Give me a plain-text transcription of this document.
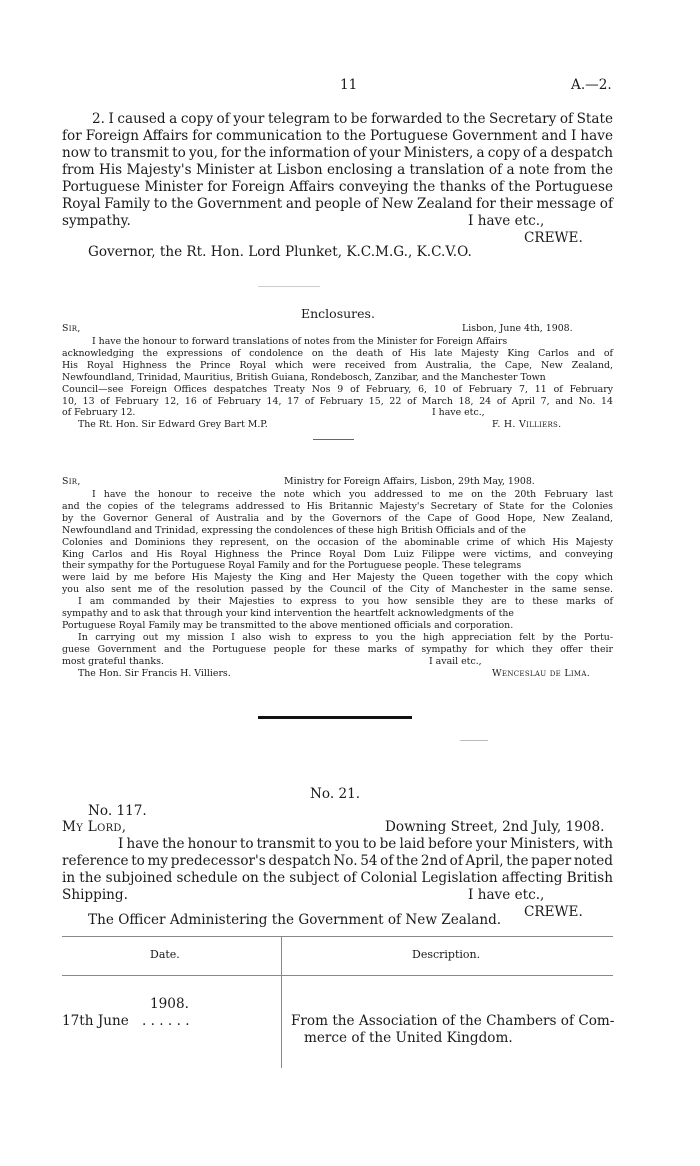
11	A.—2.
2. I caused a copy of your telegram to be forwarded to the Secretary of State
for Foreign Affairs for communication to the Portuguese Government and I have
now to transmit to you, for the information of your Ministers, a copy of a despatch
from His Majesty's Minister at Lisbon enclosing a translation of a note from the
Portuguese Minister for Foreign Affairs conveying the thanks of the Portuguese
Royal Family to the Government and people of New Zealand for their message of
sympathy.	I have etc.,
CREWE.
Governor, the Rt. Hon. Lord Plunket, K.C.M.G., K.C.V.O.
Enclosures.
Sir,	Lisbon, June 4th, 1908.
I have the honour to forward translations of notes from the Minister for Foreign Affairs
acknowledging the expressions of condolence on the death of His late Majesty King Carlos and of
His Royal Highness the Prince Royal which were received from Australia, the Cape, New Zealand,
Newfoundland, Trinidad, Mauritius, British Guiana, Rondebosch, Zanzibar, and the Manchester Town
Council—see Foreign Offices despatches Treaty Nos 9 of February, 6, 10 of February 7, 11 of February
10, 13 of February 12, 16 of February 14, 17 of February 15, 22 of March 18, 24 of April 7, and No. 14
of February 12.	I have etc.,
The Rt. Hon. Sir Edward Grey Bart M.P.	F. H. Villiers.
Sir,	Ministry for Foreign Affairs, Lisbon, 29th May, 1908.
I have the honour to receive the note which you addressed to me on the 20th February last
and the copies of the telegrams addressed to His Britannic Majesty's Secretary of State for the Colonies
by the Governor General of Australia and by the Governors of the Cape of Good Hope, New Zealand,
Newfoundland and Trinidad, expressing the condolences of these high British Officials and of the
Colonies and Dominions they represent, on the occasion of the abominable crime of which His Majesty
King Carlos and His Royal Highness the Prince Royal Dom Luiz Filippe were victims, and conveying
their sympathy for the Portuguese Royal Family and for the Portuguese people. These telegrams
were laid by me before His Majesty the King and Her Majesty the Queen together with the copy which
you also sent me of the resolution passed by the Council of the City of Manchester in the same sense.
I am commanded by their Majesties to express to you how sensible they are to these marks of
sympathy and to ask that through your kind intervention the heartfelt acknowledgments of the
Portuguese Royal Family may be transmitted to the above mentioned officials and corporation.
In carrying out my mission I also wish to express to you the high appreciation felt by the Portu-
guese Government and the Portuguese people for these marks of sympathy for which they offer their
most grateful thanks.	I avail etc.,
The Hon. Sir Francis H. Villiers.	Wenceslau de Lima.
No. 21.
No. 117.
My Lord,	Downing Street, 2nd July, 1908.
I have the honour to transmit to you to be laid before your Ministers, with
reference to my predecessor's despatch No. 54 of the 2nd of April, the paper noted
in the subjoined schedule on the subject of Colonial Legislation affecting British
Shipping.	I have etc.,
CREWE.
The Officer Administering the Government of New Zealand.
Date.	Description.
1908.
17th June . . . . . .	From the Association of the Chambers of Com-
merce of the United Kingdom.
